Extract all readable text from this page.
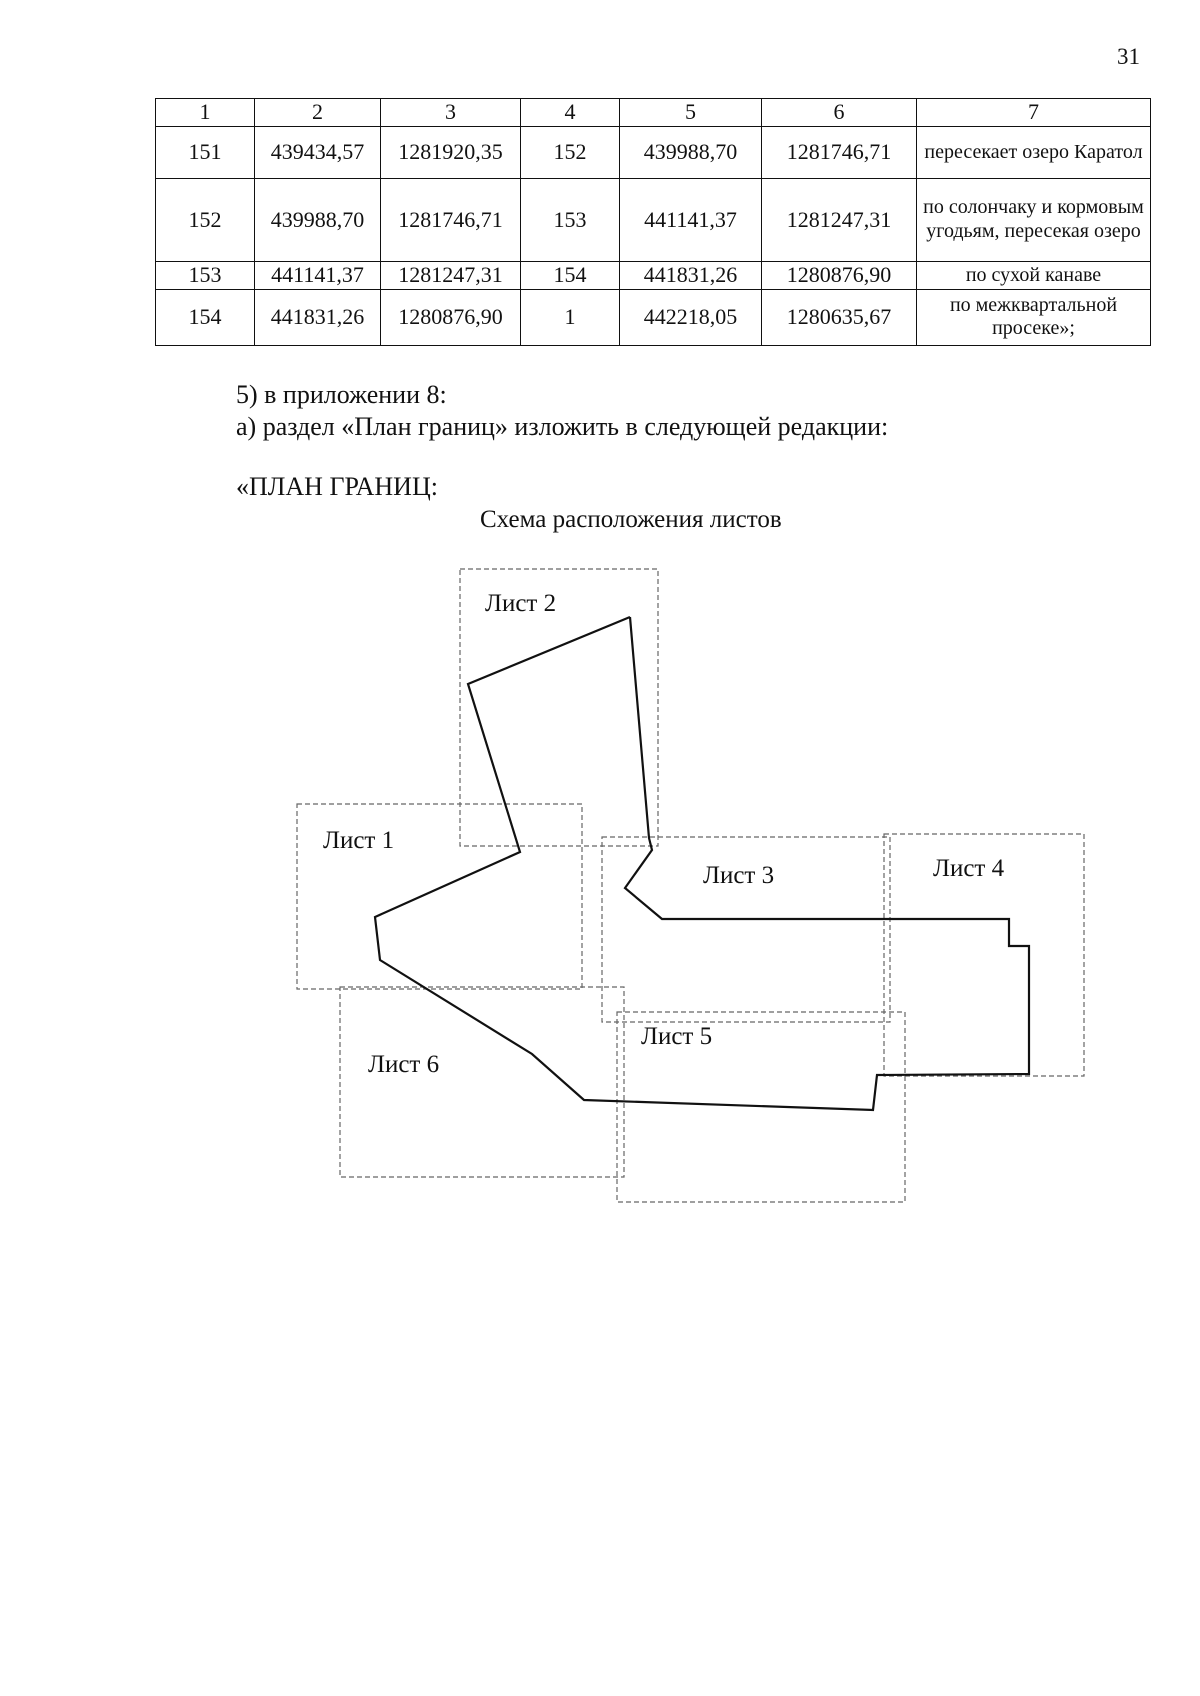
31
1	2	3	4	5	6	7
151	439434,57	1281920,35	152	439988,70	1281746,71	пересекает озеро Каратол
152	439988,70	1281746,71	153	441141,37	1281247,31	по солончаку и кормовым угодьям, пересекая озеро
153	441141,37	1281247,31	154	441831,26	1280876,90	по сухой канаве
154	441831,26	1280876,90	1	442218,05	1280635,67	по межквартальной просеке»;
5) в приложении 8:
а) раздел «План границ» изложить в следующей редакции:
«ПЛАН ГРАНИЦ:
Схема расположения листов
Лист 2
Лист 1
Лист 3	Лист 4
Лист 5
Лист 6
